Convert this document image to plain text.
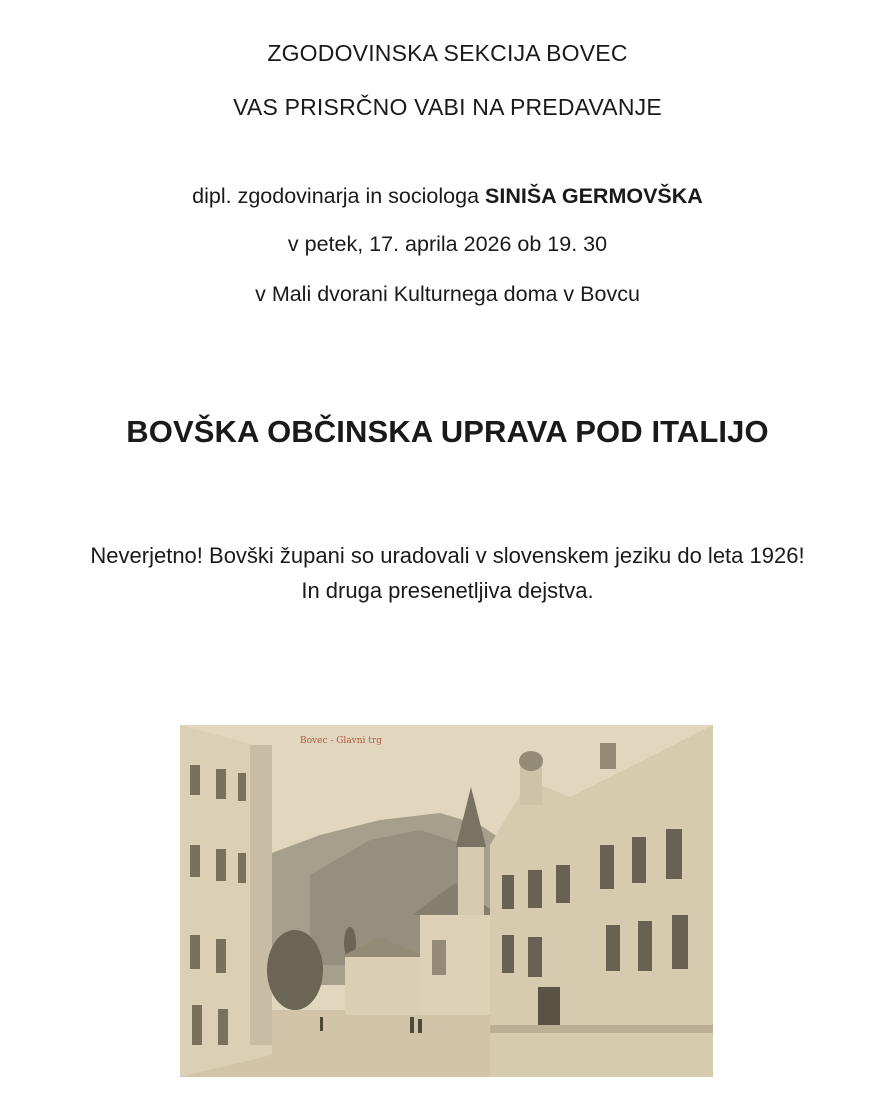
ZGODOVINSKA SEKCIJA BOVEC
VAS PRISRČNO VABI NA PREDAVANJE
dipl. zgodovinarja in sociologa SINIŠA GERMOVŠKA
v petek, 17. aprila 2026 ob 19. 30
v Mali dvorani Kulturnega doma v Bovcu
BOVŠKA OBČINSKA UPRAVA POD ITALIJO
Neverjetno! Bovški župani so uradovali v slovenskem jeziku do leta 1926! In druga presenetljiva dejstva.
Bovec - Glavni trg
